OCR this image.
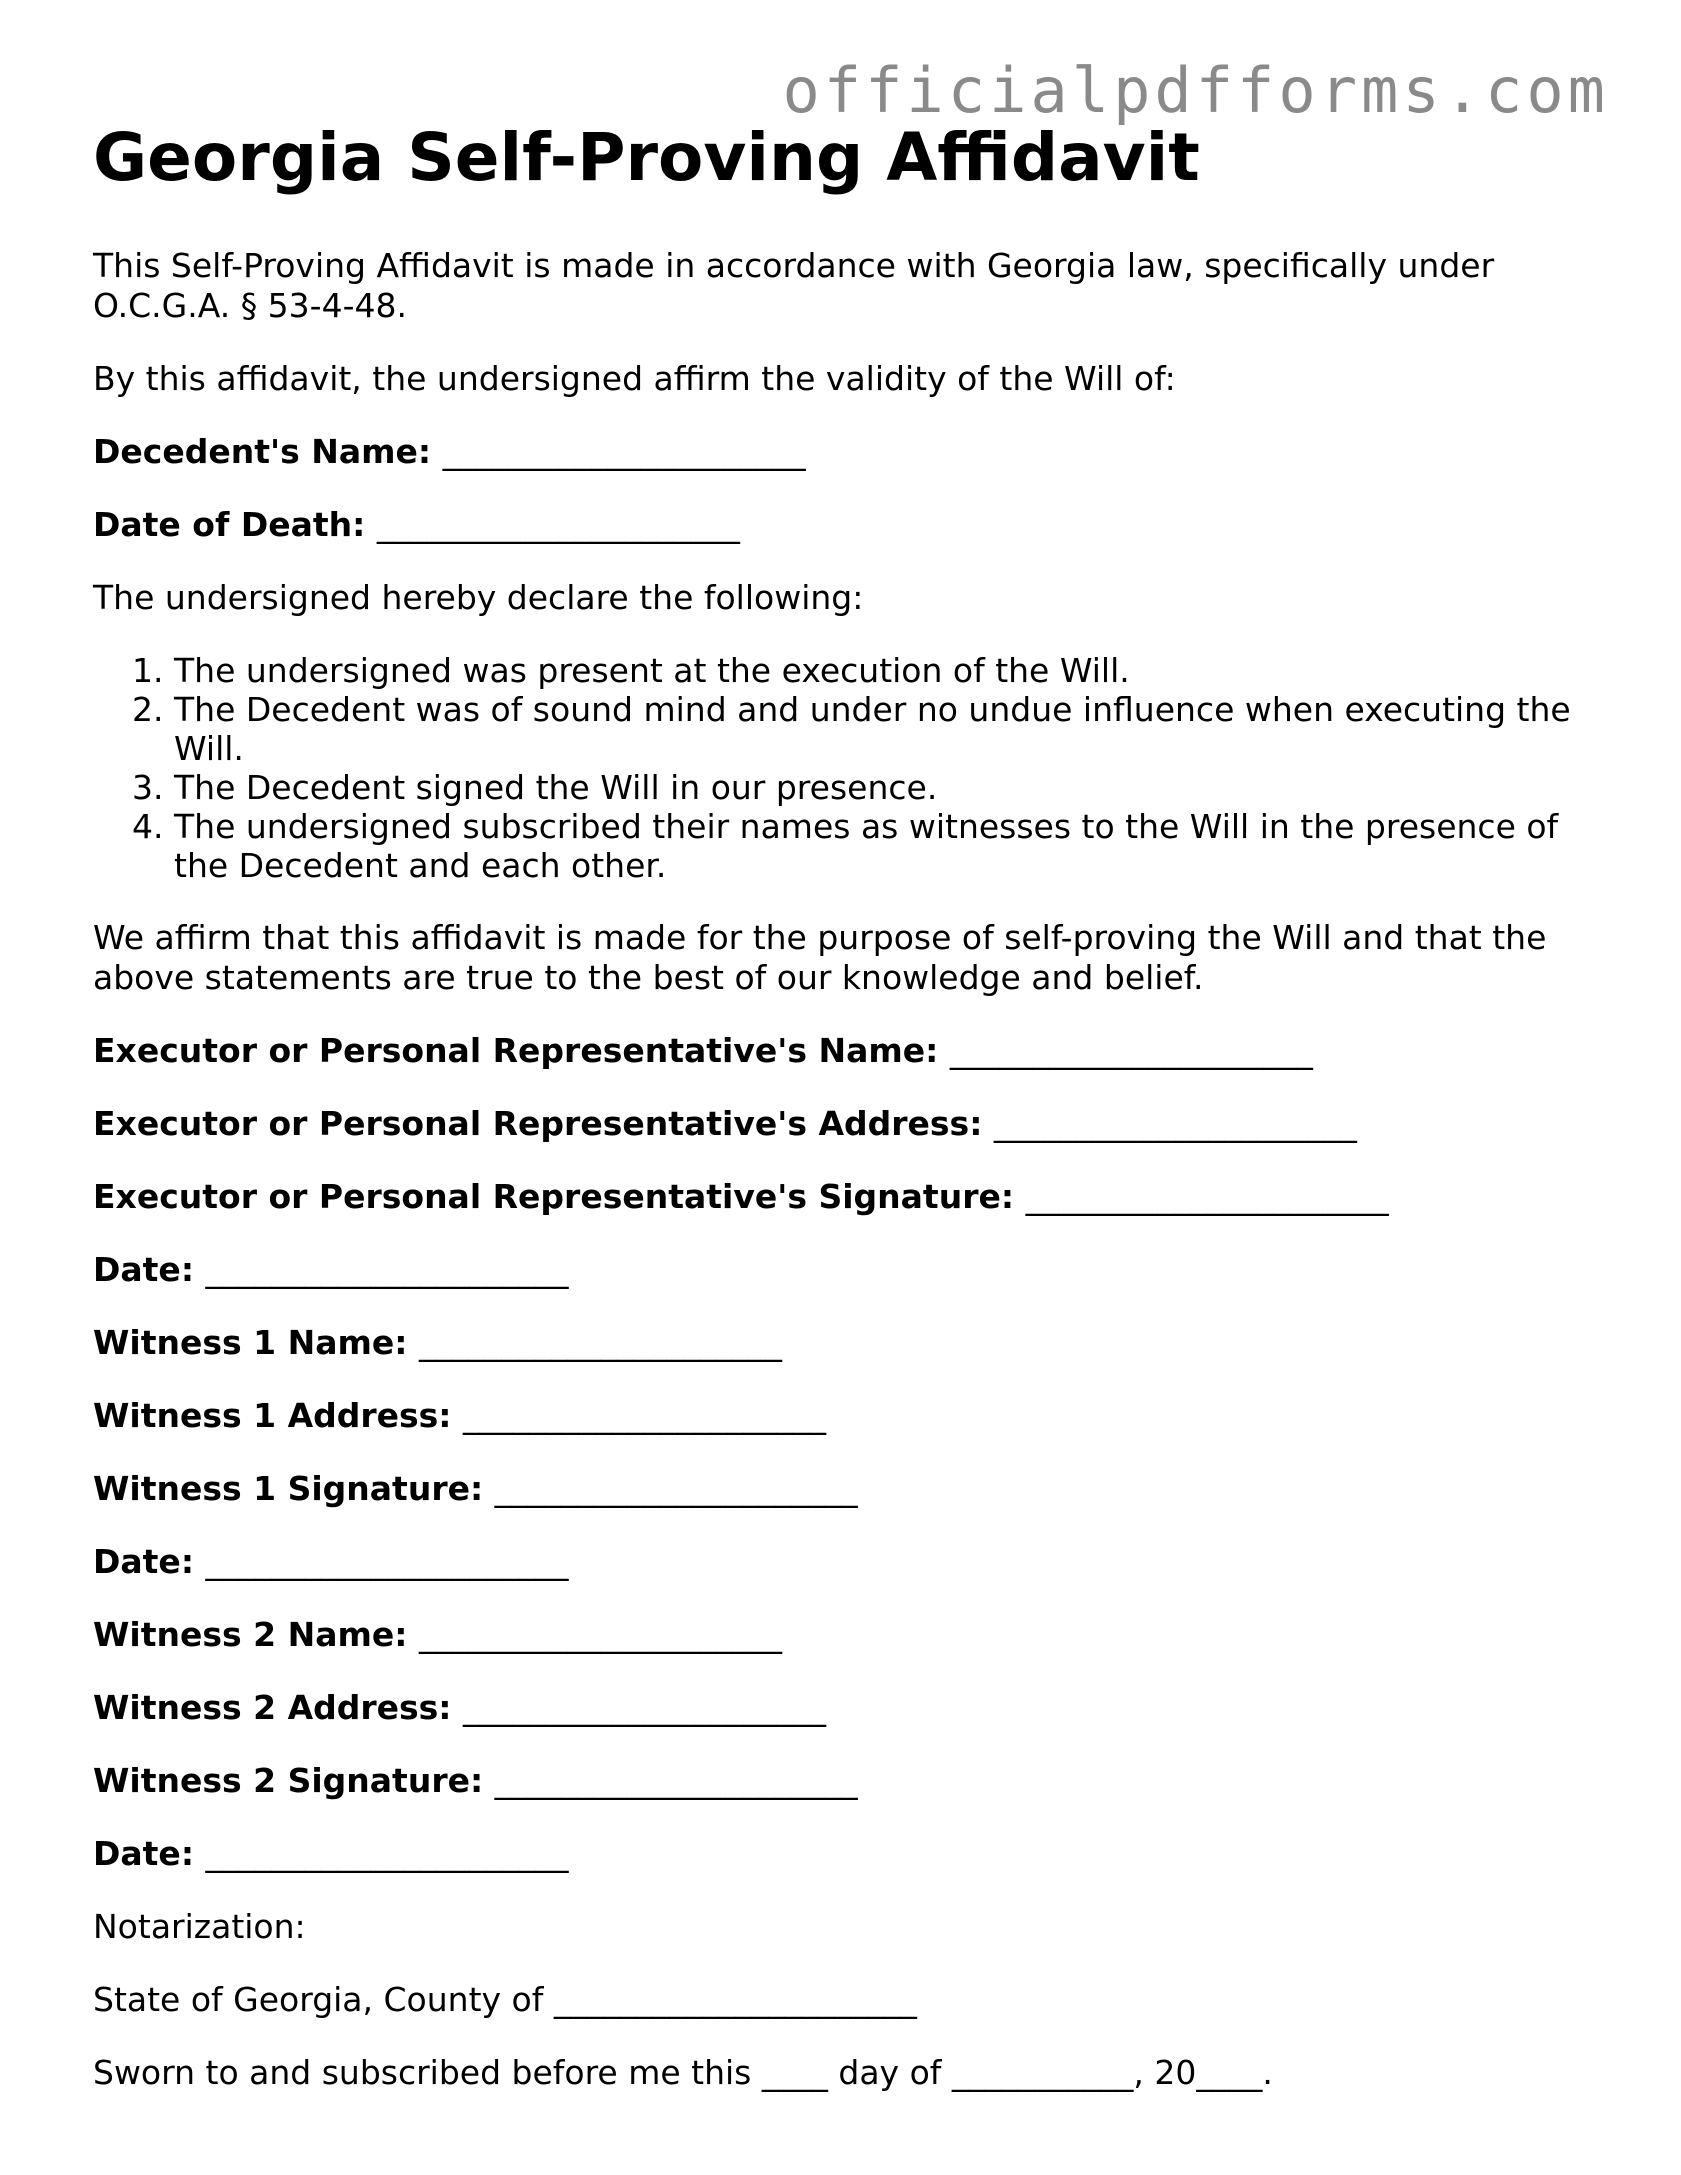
officialpdfforms.com
Georgia Self-Proving Affidavit

This Self-Proving Affidavit is made in accordance with Georgia law, specifically under O.C.G.A. § 53-4-48.

By this affidavit, the undersigned affirm the validity of the Will of:

Decedent's Name: ______________________
Date of Death: ______________________

The undersigned hereby declare the following:

1. The undersigned was present at the execution of the Will.
2. The Decedent was of sound mind and under no undue influence when executing the Will.
3. The Decedent signed the Will in our presence.
4. The undersigned subscribed their names as witnesses to the Will in the presence of the Decedent and each other.

We affirm that this affidavit is made for the purpose of self-proving the Will and that the above statements are true to the best of our knowledge and belief.

Executor or Personal Representative's Name: ______________________
Executor or Personal Representative's Address: ______________________
Executor or Personal Representative's Signature: ______________________
Date: ______________________
Witness 1 Name: ______________________
Witness 1 Address: ______________________
Witness 1 Signature: ______________________
Date: ______________________
Witness 2 Name: ______________________
Witness 2 Address: ______________________
Witness 2 Signature: ______________________
Date: ______________________
Notarization:
State of Georgia, County of ______________________
Sworn to and subscribed before me this ____ day of ___________, 20____.
